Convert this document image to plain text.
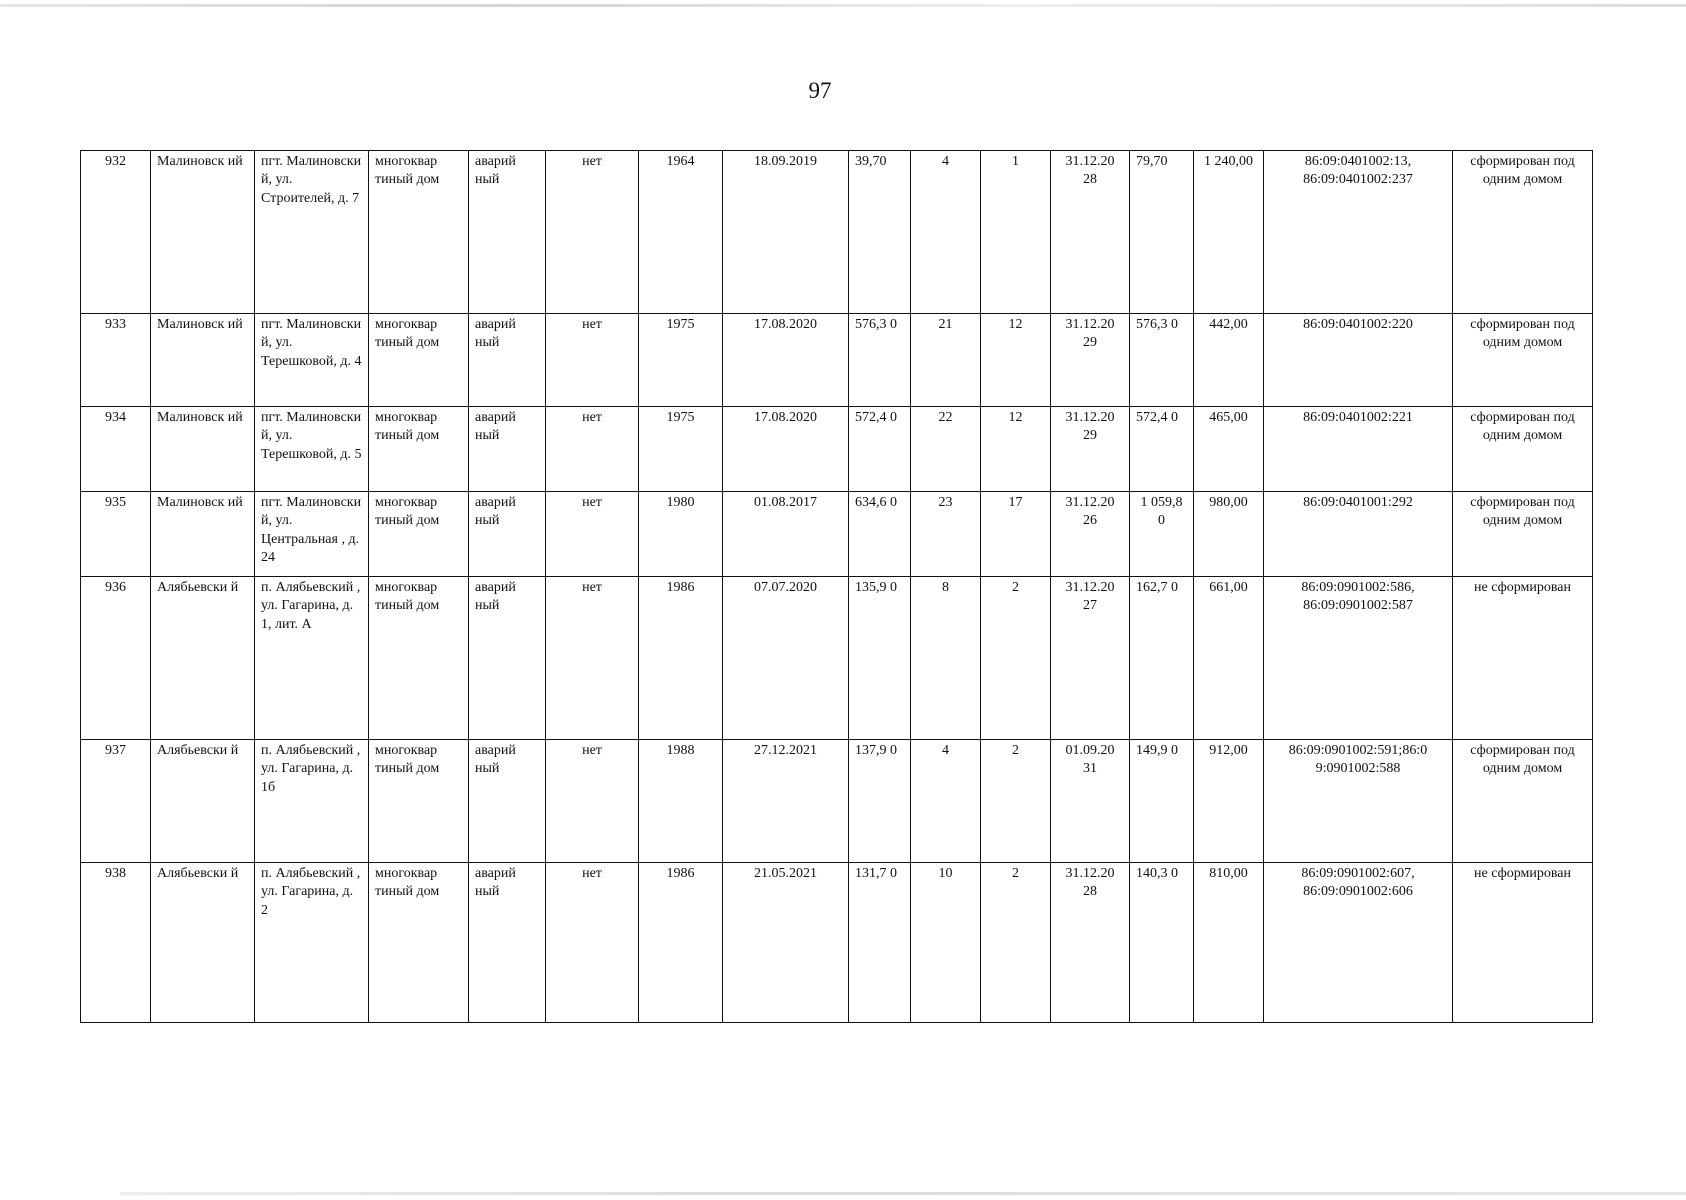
97
932	Малиновск ий	пгт. Малиновски й, ул. Строителей, д. 7	многоквар тиный дом	аварий ный	нет	1964	18.09.2019	39,70	4	1	31.12.20 28	79,70	1 240,00	86:09:0401002:13, 86:09:0401002:237	сформирован под одним домом
933	Малиновск ий	пгт. Малиновски й, ул. Терешковой, д. 4	многоквар тиный дом	аварий ный	нет	1975	17.08.2020	576,3 0	21	12	31.12.20 29	576,3 0	442,00	86:09:0401002:220	сформирован под одним домом
934	Малиновск ий	пгт. Малиновски й, ул. Терешковой, д. 5	многоквар тиный дом	аварий ный	нет	1975	17.08.2020	572,4 0	22	12	31.12.20 29	572,4 0	465,00	86:09:0401002:221	сформирован под одним домом
935	Малиновск ий	пгт. Малиновски й, ул. Центральная , д. 24	многоквар тиный дом	аварий ный	нет	1980	01.08.2017	634,6 0	23	17	31.12.20 26	1 059,8 0	980,00	86:09:0401001:292	сформирован под одним домом
936	Алябьевски й	п. Алябьевский , ул. Гагарина, д. 1, лит. А	многоквар тиный дом	аварий ный	нет	1986	07.07.2020	135,9 0	8	2	31.12.20 27	162,7 0	661,00	86:09:0901002:586, 86:09:0901002:587	не сформирован
937	Алябьевски й	п. Алябьевский , ул. Гагарина, д. 1б	многоквар тиный дом	аварий ный	нет	1988	27.12.2021	137,9 0	4	2	01.09.20 31	149,9 0	912,00	86:09:0901002:591;86:0 9:0901002:588	сформирован под одним домом
938	Алябьевски й	п. Алябьевский , ул. Гагарина, д. 2	многоквар тиный дом	аварий ный	нет	1986	21.05.2021	131,7 0	10	2	31.12.20 28	140,3 0	810,00	86:09:0901002:607, 86:09:0901002:606	не сформирован
